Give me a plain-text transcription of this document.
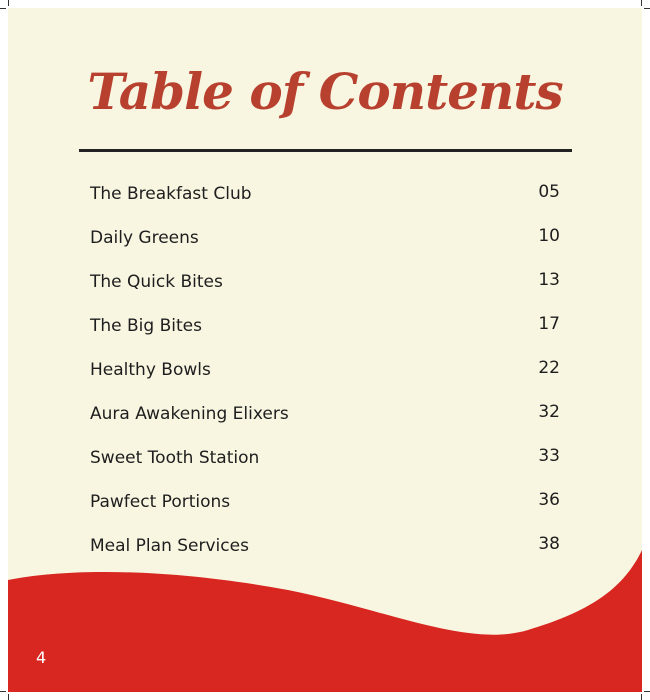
Table of Contents
The Breakfast Club	05
Daily Greens	10
The Quick Bites	13
The Big Bites	17
Healthy Bowls	22
Aura Awakening Elixers	32
Sweet Tooth Station	33
Pawfect Portions	36
Meal Plan Services	38
4
